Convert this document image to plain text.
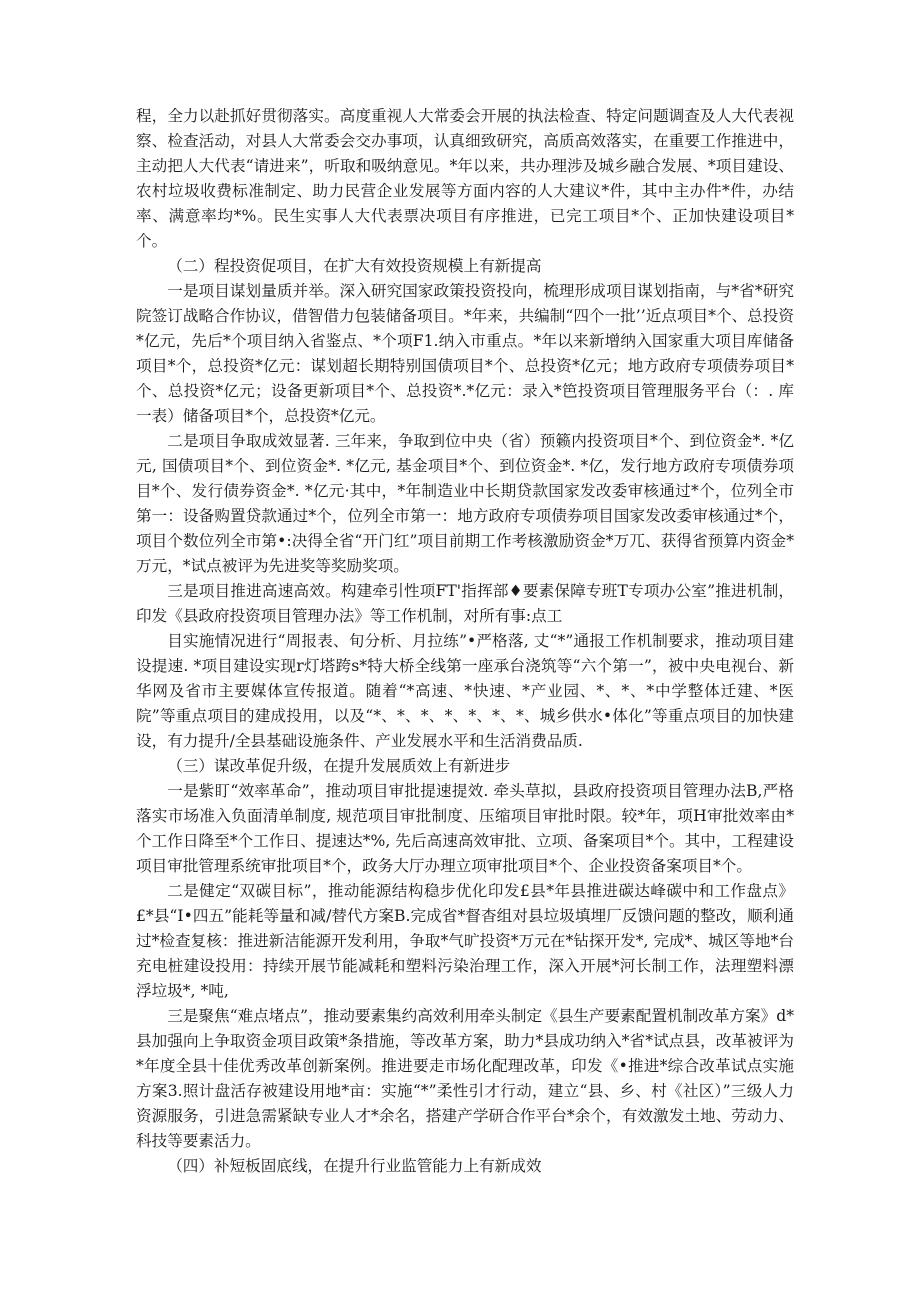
程，全力以赴抓好贯彻落实。高度重视人大常委会开展的执法检查、特定问题调查及人大代表视察、检查活动，对县人大常委会交办事项，认真细致研究，高质高效落实，在重要工作推进中，主动把人大代表“请进来”，听取和吸纳意见。*年以来，共办理涉及城乡融合发展、*项目建设、农村垃圾收费标准制定、助力民营企业发展等方面内容的人大建议*件，其中主办件*件，办结率、满意率均*%。民生实事人大代表票决项目有序推进，已完工项目*个、正加快建设项目*个。

（二）程投资促项目，在扩大有效投资规模上有新提高

一是项目谋划量质并举。深入研究国家政策投资投向，梳理形成项目谋划指南，与*省*研究院签订战略合作协议，借智借力包装储备项目。*年来，共编制“四个一批’’近点项目*个、总投资*亿元，先后*个项目纳入省鉴点、*个项F1.纳入市重点。*年以来新增纳入国家重大项目库储备项目*个，总投资*亿元：谋划超长期特别国债项目*个、总投资*亿元；地方政府专项债券项目*个、总投资*亿元；设备更新项目*个、总投资*.*亿元：录入*笆投资项目管理服务平台（：. 库一表）储备项目*个，总投资*亿元。

二是项目争取成效显著. 三年来，争取到位中央（省）预籁内投资项目*个、到位资金*. *亿元, 国债项目*个、到位资金*. *亿元, 基金项目*个、到位资金*. *亿，发行地方政府专项债券项目*个、发行债券资金*. *亿元·其中，*年制造业中长期贷款国家发改委审核通过*个，位列全市第一：设备购置贷款通过*个，位列全市第一：地方政府专项债券项目国家发改委审核通过*个，项目个数位列全市第•:决得全省“开门红”项目前期工作考核激励资金*万兀、获得省预算内资金*万元，*试点被评为先进奖等奖励奖项。

三是项目推进高速高效。构建牵引性项FT'指挥部♦要素保障专班T专项办公室”推进机制，印发《县政府投资项目管理办法》等工作机制，对所有事:点工

目实施情况进行“周报表、旬分析、月拉练”•严格落, 丈“*”通报工作机制要求，推动项目建设提速. *项目建设实现r灯塔跨s*特大桥全线第一座承台浇筑等“六个第一”，被中央电视台、新华网及省市主要媒体宣传报道。随着“*高速、*快速、*产业园、*、*、*中学整体迁建、*医院”等重点项目的建成投用，以及“*、*、*、*、*、*、*、城乡供水•体化”等重点项目的加快建设，有力提升/全县基础设施条件、产业发展水平和生活消费品质.

（三）谋改革促升级，在提升发展质效上有新进步

一是紫盯“效率革命”，推动项目审批提速提效. 牵头草拟，县政府投资项目管理办法B,严格落实市场准入负面清单制度, 规范项目审批制度、压缩项目审批时限。较*年，项H审批效率由*个工作日降至*个工作日、提速达*%, 先后高速高效审批、立项、备案项目*个。其中，工程建设项目审批管理系统审批项目*个，政务大厅办理立项审批项目*个、企业投资备案项目*个。

二是健定“双碳目标”，推动能源结构稳步优化印发£县*年县推进碳达峰碳中和工作盘点》£*县“I•四五”能耗等量和减/替代方案B.完成省*督杳组对县垃圾填埋厂反馈问题的整改，顺利通过*检查复核：推进新洁能源开发利用，争取*气旷投资*万元在*钻探开发*, 完成*、城区等地*台充电桩建设投用：持续开展节能减耗和塑料污染治理工作，深入开展*河长制工作，法理塑料漂浮垃圾*, *吨,

三是聚焦“难点堵点”，推动要素集约高效利用牵头制定《县生产要素配置机制改革方案》d*县加强向上争取资金项目政策*条措施，等改革方案，助力*县成功纳入*省*试点县，改革被评为*年度全县十佳优秀改革创新案例。推进要走市场化配理改革，印发《•推进*综合改革试点实施方案3.照计盘活存被建设用地*亩：实施“*”柔性引才行动，建立“县、乡、村《社区）”三级人力资源服务，引进急需紧缺专业人才*余名，搭建产学研合作平台*余个，有效激发土地、劳动力、科技等要素活力。

（四）补短板固底线，在提升行业监管能力上有新成效
